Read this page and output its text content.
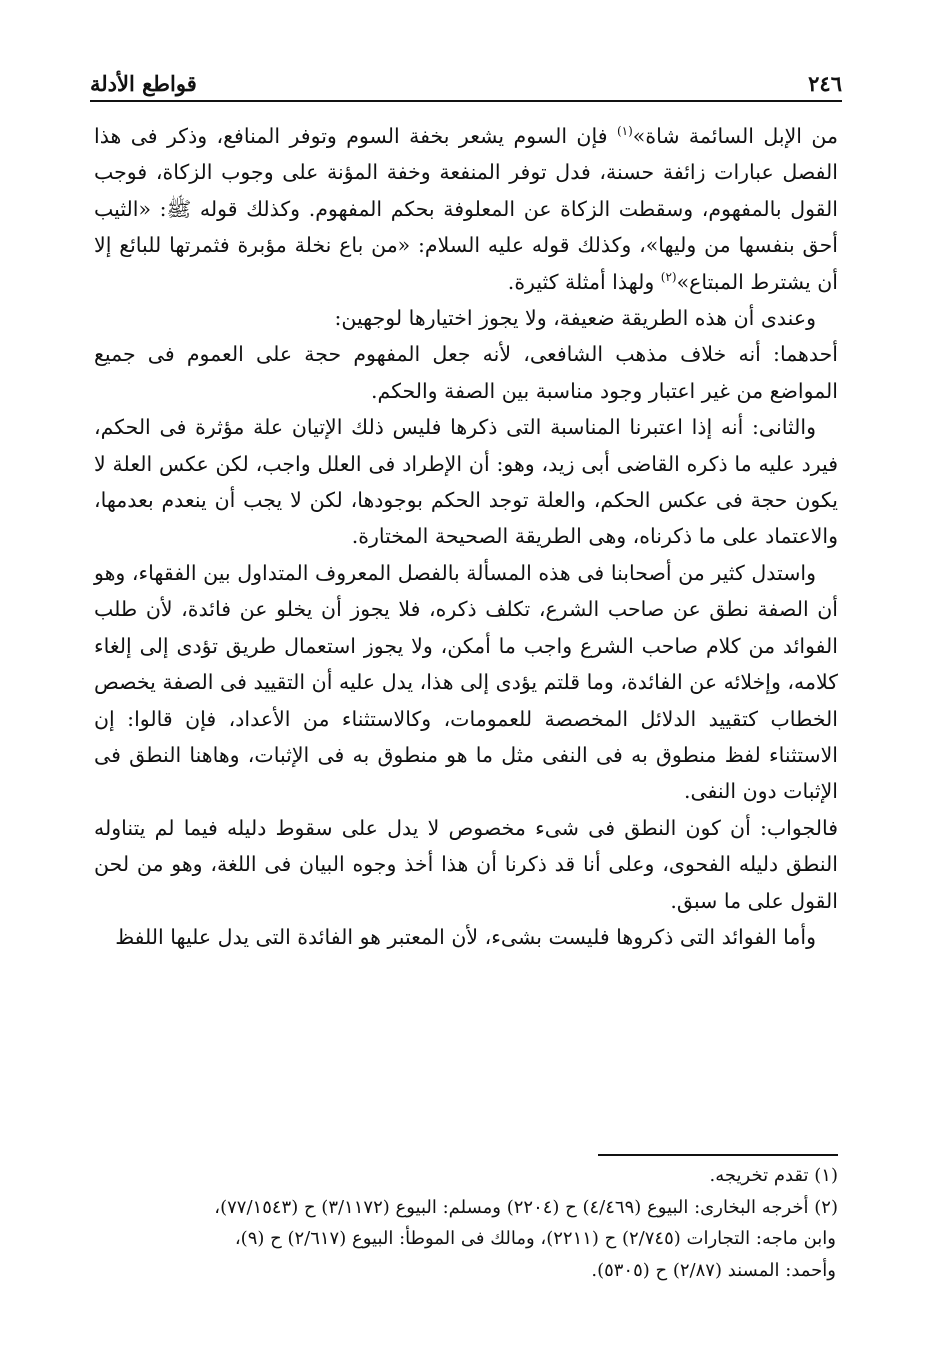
٢٤٦
قواطع الأدلة

من الإبل السائمة شاة»$^{(١)}$ فإن السوم يشعر بخفة السوم وتوفر المنافع، وذكر فى هذا الفصل عبارات زائفة حسنة، فدل توفر المنفعة وخفة المؤنة على وجوب الزكاة، فوجب القول بالمفهوم، وسقطت الزكاة عن المعلوفة بحكم المفهوم. وكذلك قوله ﷺ: «الثيب أحق بنفسها من وليها»، وكذلك قوله عليه السلام: «من باع نخلة مؤبرة فثمرتها للبائع إلا أن يشترط المبتاع»$^{(٢)}$ ولهذا أمثلة كثيرة.

وعندى أن هذه الطريقة ضعيفة، ولا يجوز اختيارها لوجهين:

أحدهما: أنه خلاف مذهب الشافعى، لأنه جعل المفهوم حجة على العموم فى جميع المواضع من غير اعتبار وجود مناسبة بين الصفة والحكم.

والثانى: أنه إذا اعتبرنا المناسبة التى ذكرها فليس ذلك الإتيان علة مؤثرة فى الحكم، فيرد عليه ما ذكره القاضى أبى زيد، وهو: أن الإطراد فى العلل واجب، لكن عكس العلة لا يكون حجة فى عكس الحكم، والعلة توجد الحكم بوجودها، لكن لا يجب أن ينعدم بعدمها، والاعتماد على ما ذكرناه، وهى الطريقة الصحيحة المختارة.

واستدل كثير من أصحابنا فى هذه المسألة بالفصل المعروف المتداول بين الفقهاء، وهو أن الصفة نطق عن صاحب الشرع، تكلف ذكره، فلا يجوز أن يخلو عن فائدة، لأن طلب الفوائد من كلام صاحب الشرع واجب ما أمكن، ولا يجوز استعمال طريق تؤدى إلى إلغاء كلامه، وإخلائه عن الفائدة، وما قلتم يؤدى إلى هذا، يدل عليه أن التقييد فى الصفة يخصص الخطاب كتقييد الدلائل المخصصة للعمومات، وكالاستثناء من الأعداد، فإن قالوا: إن الاستثناء لفظ منطوق به فى النفى مثل ما هو منطوق به فى الإثبات، وهاهنا النطق فى الإثبات دون النفى.

فالجواب: أن كون النطق فى شىء مخصوص لا يدل على سقوط دليله فيما لم يتناوله النطق دليله الفحوى، وعلى أنا قد ذكرنا أن هذا أخذ وجوه البيان فى اللغة، وهو من لحن القول على ما سبق.

وأما الفوائد التى ذكروها فليست بشىء، لأن المعتبر هو الفائدة التى يدل عليها اللفظ

(١) تقدم تخريجه.

(٢) أخرجه البخارى: البيوع (٤/٤٦٩) ح (٢٢٠٤) ومسلم: البيوع (٣/١١٧٢) ح (٧٧/١٥٤٣)،

وابن ماجه: التجارات (٢/٧٤٥) ح (٢٢١١)، ومالك فى الموطأ: البيوع (٢/٦١٧) ح (٩)،

وأحمد: المسند (٢/٨٧) ح (٥٣٠٥).
